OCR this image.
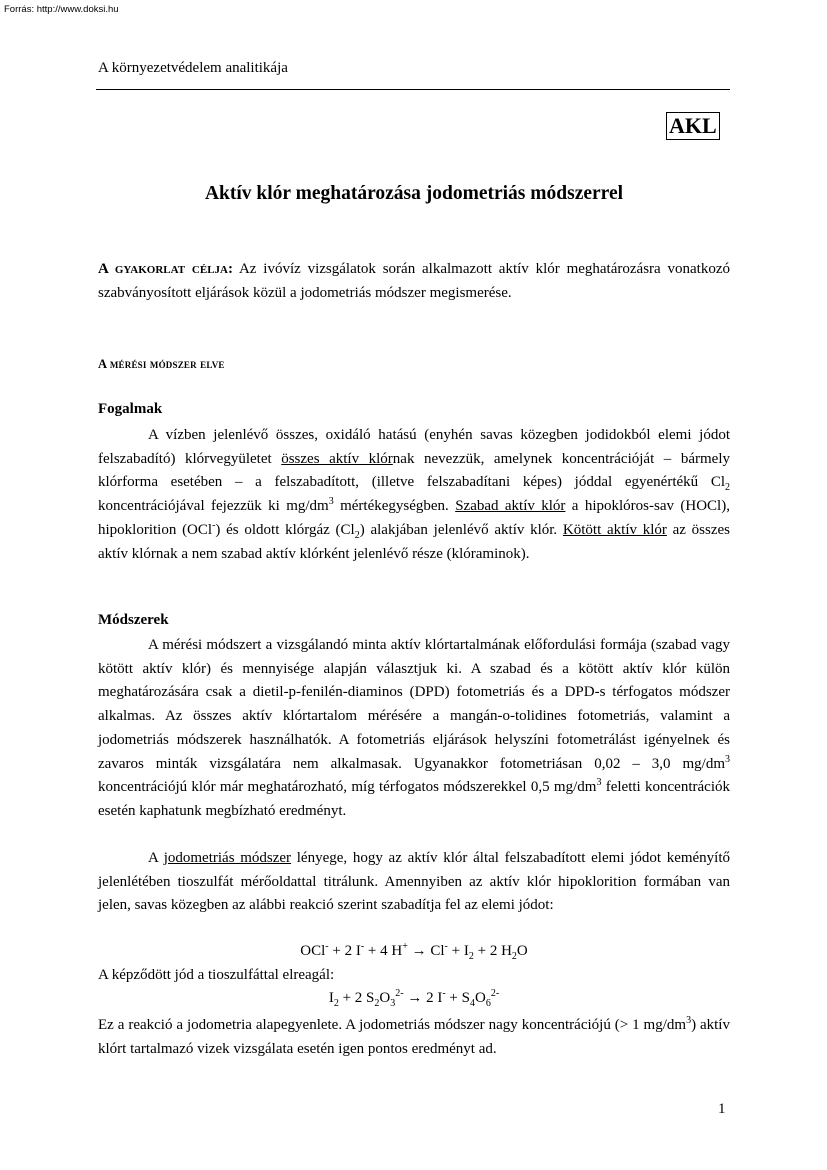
Forrás: http://www.doksi.hu
A környezetvédelem analitikája
AKL
Aktív klór meghatározása jodometriás módszerrel
A gyakorlat célja: Az ivóvíz vizsgálatok során alkalmazott aktív klór meghatározásra vonatkozó szabványosított eljárások közül a jodometriás módszer megismerése.
A mérési módszer elve
Fogalmak
A vízben jelenlévő összes, oxidáló hatású (enyhén savas közegben jodidokból elemi jódot felszabadító) klórvegyületet összes aktív klórnak nevezzük, amelynek koncentrációját – bármely klórforma esetében – a felszabadított, (illetve felszabadítani képes) jóddal egyenértékű $Cl_2$ koncentrációjával fejezzük ki $mg/dm^3$ mértékegységben. Szabad aktív klór a hipoklóros-sav (HOCl), hipoklorition (OCl-) és oldott klórgáz $(Cl_2)$ alakjában jelenlévő aktív klór. Kötött aktív klór az összes aktív klórnak a nem szabad aktív klórként jelenlévő része (klóraminok).
Módszerek
A mérési módszert a vizsgálandó minta aktív klórtartalmának előfordulási formája (szabad vagy kötött aktív klór) és mennyisége alapján választjuk ki. A szabad és a kötött aktív klór külön meghatározására csak a dietil-p-fenilén-diaminos (DPD) fotometriás és a DPD-s térfogatos módszer alkalmas. Az összes aktív klórtartalom mérésére a mangán-o-tolidines fotometriás, valamint a jodometriás módszerek használhatók. A fotometriás eljárások helyszíni fotometrálást igényelnek és zavaros minták vizsgálatára nem alkalmasak. Ugyanakkor fotometriásan 0,02 – 3,0 $mg/dm^3$ koncentrációjú klór már meghatározható, míg térfogatos módszerekkel 0,5 $mg/dm^3$ feletti koncentrációk esetén kaphatunk megbízható eredményt.
A jodometriás módszer lényege, hogy az aktív klór által felszabadított elemi jódot keményítő jelenlétében tioszulfát mérőoldattal titrálunk. Amennyiben az aktív klór hipoklorition formában van jelen, savas közegben az alábbi reakció szerint szabadítja fel az elemi jódot:
OCl- + 2 I- + 4 $H^+ \to Cl^- + I_2 + 2$ $H_2O$
A képződött jód a tioszulfáttal elreagál:
$I_2 + 2$ $S_2O_3^{2-} \to 2$ $I^- + S_4O_6^{2-}$
Ez a reakció a jodometria alapegyenlete. A jodometriás módszer nagy koncentrációjú (> 1 $mg/dm^3$) aktív klórt tartalmazó vizek vizsgálata esetén igen pontos eredményt ad.
1
